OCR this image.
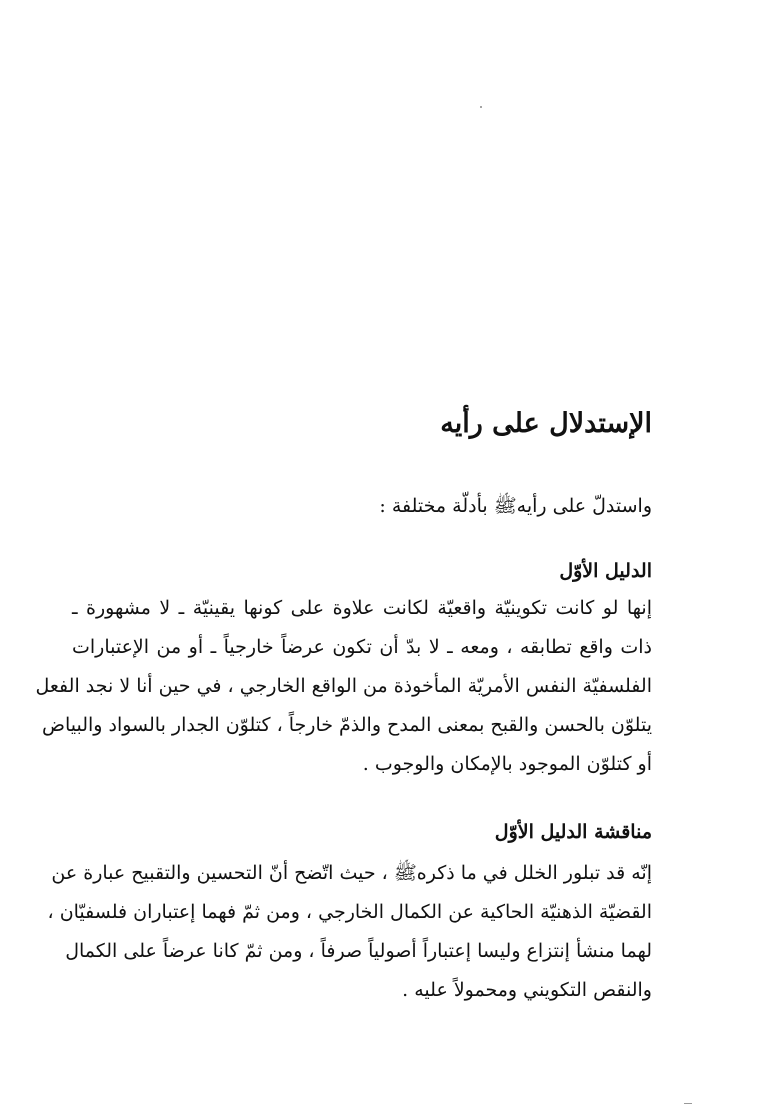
الإستدلال على رأيه
واستدلّ على رأيهﷺ بأدلّة مختلفة :
الدليل الأوّل
إنها لو كانت تكوينيّة واقعيّة لكانت علاوة على كونها يقينيّة ـ لا مشهورة ـ
ذات واقع تطابقه ، ومعه ـ لا بدّ أن تكون عرضاً خارجياً ـ أو من الإعتبارات
الفلسفيّة النفس الأمريّة المأخوذة من الواقع الخارجي ، في حين أنا لا نجد الفعل
يتلوّن بالحسن والقبح بمعنى المدح والذمّ خارجاً ، كتلوّن الجدار بالسواد والبياض
أو كتلوّن الموجود بالإمكان والوجوب .
مناقشة الدليل الأوّل
إنّه قد تبلور الخلل في ما ذكرهﷺ ، حيث اتّضح أنّ التحسين والتقبيح عبارة عن
القضيّة الذهنيّة الحاكية عن الكمال الخارجي ، ومن ثمّ فهما إعتباران فلسفيّان ،
لهما منشأ إنتزاع وليسا إعتباراً أصولياً صرفاً ، ومن ثمّ كانا عرضاً على الكمال
والنقص التكويني ومحمولاً عليه .
